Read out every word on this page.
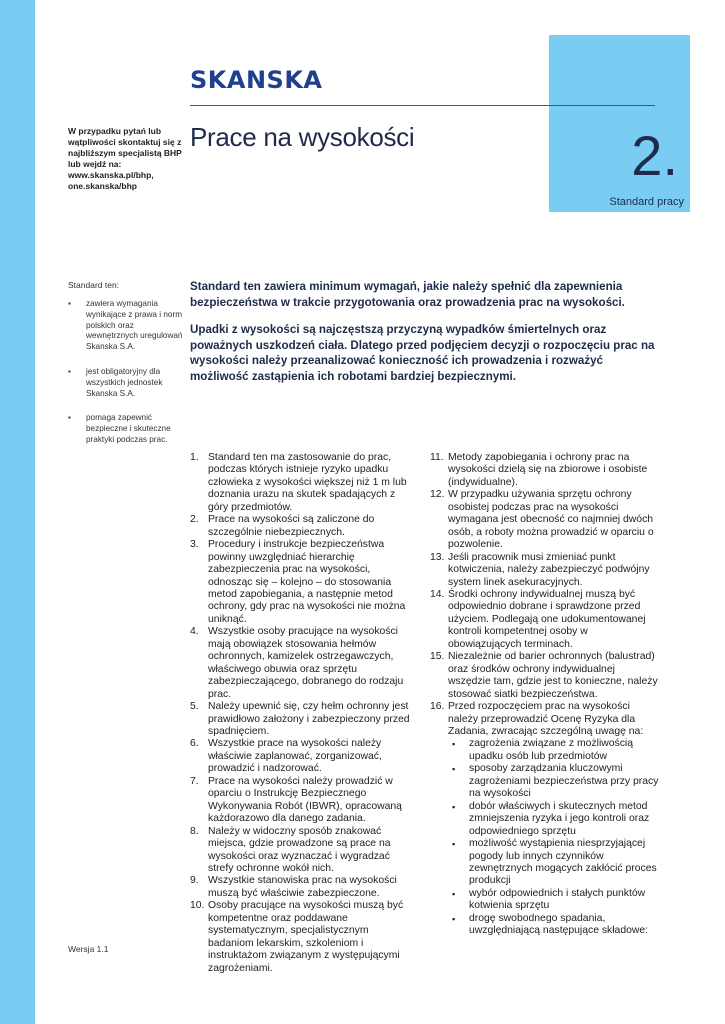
2.
Standard pracy
SKANSKA
W przypadku pytań lub wątpliwości skontaktuj się z najbliższym specjalistą BHP lub wejdź na: www.skanska.pl/bhp, one.skanska/bhp
Prace na wysokości
Standard ten:
▪ zawiera wymagania wynikające z prawa i norm polskich oraz wewnętrznych uregulowań Skanska S.A.
▪ jest obligatoryjny dla wszystkich jednostek Skanska S.A.
▪ pomaga zapewnić bezpieczne i skuteczne praktyki podczas prac.

Standard ten zawiera minimum wymagań, jakie należy spełnić dla zapewnienia bezpieczeństwa w trakcie przygotowania oraz prowadzenia prac na wysokości.

Upadki z wysokości są najczęstszą przyczyną wypadków śmiertelnych oraz poważnych uszkodzeń ciała. Dlatego przed podjęciem decyzji o rozpoczęciu prac na wysokości należy przeanalizować konieczność ich prowadzenia i rozważyć możliwość zastąpienia ich robotami bardziej bezpiecznymi.

1. Standard ten ma zastosowanie do prac, podczas których istnieje ryzyko upadku człowieka z wysokości większej niż 1 m lub doznania urazu na skutek spadających z góry przedmiotów.
2. Prace na wysokości są zaliczone do szczególnie niebezpiecznych.
3. Procedury i instrukcje bezpieczeństwa powinny uwzględniać hierarchię zabezpieczenia prac na wysokości, odnosząc się – kolejno – do stosowania metod zapobiegania, a następnie metod ochrony, gdy prac na wysokości nie można uniknąć.
4. Wszystkie osoby pracujące na wysokości mają obowiązek stosowania hełmów ochronnych, kamizelek ostrzegawczych, właściwego obuwia oraz sprzętu zabezpieczającego, dobranego do rodzaju prac.
5. Należy upewnić się, czy hełm ochronny jest prawidłowo założony i zabezpieczony przed spadnięciem.
6. Wszystkie prace na wysokości należy właściwie zaplanować, zorganizować, prowadzić i nadzorować.
7. Prace na wysokości należy prowadzić w oparciu o Instrukcję Bezpiecznego Wykonywania Robót (IBWR), opracowaną każdorazowo dla danego zadania.
8. Należy w widoczny sposób znakować miejsca, gdzie prowadzone są prace na wysokości oraz wyznaczać i wygradzać strefy ochronne wokół nich.
9. Wszystkie stanowiska prac na wysokości muszą być właściwie zabezpieczone.
10. Osoby pracujące na wysokości muszą być kompetentne oraz poddawane systematycznym, specjalistycznym badaniom lekarskim, szkoleniom i instruktażom związanym z występującymi zagrożeniami.
11. Metody zapobiegania i ochrony prac na wysokości dzielą się na zbiorowe i osobiste (indywidualne).
12. W przypadku używania sprzętu ochrony osobistej podczas prac na wysokości wymagana jest obecność co najmniej dwóch osób, a roboty można prowadzić w oparciu o pozwolenie.
13. Jeśli pracownik musi zmieniać punkt kotwiczenia, należy zabezpieczyć podwójny system linek asekuracyjnych.
14. Środki ochrony indywidualnej muszą być odpowiednio dobrane i sprawdzone przed użyciem. Podlegają one udokumentowanej kontroli kompetentnej osoby w obowiązujących terminach.
15. Niezależnie od barier ochronnych (balustrad) oraz środków ochrony indywidualnej wszędzie tam, gdzie jest to konieczne, należy stosować siatki bezpieczeństwa.
16. Przed rozpoczęciem prac na wysokości należy przeprowadzić Ocenę Ryzyka dla Zadania, zwracając szczególną uwagę na:
▪ zagrożenia związane z możliwością upadku osób lub przedmiotów
▪ sposoby zarządzania kluczowymi zagrożeniami bezpieczeństwa przy pracy na wysokości
▪ dobór właściwych i skutecznych metod zmniejszenia ryzyka i jego kontroli oraz odpowiedniego sprzętu
▪ możliwość wystąpienia niesprzyjającej pogody lub innych czynników zewnętrznych mogących zakłócić proces produkcji
▪ wybór odpowiednich i stałych punktów kotwienia sprzętu
▪ drogę swobodnego spadania, uwzględniającą następujące składowe:
Wersja 1.1
